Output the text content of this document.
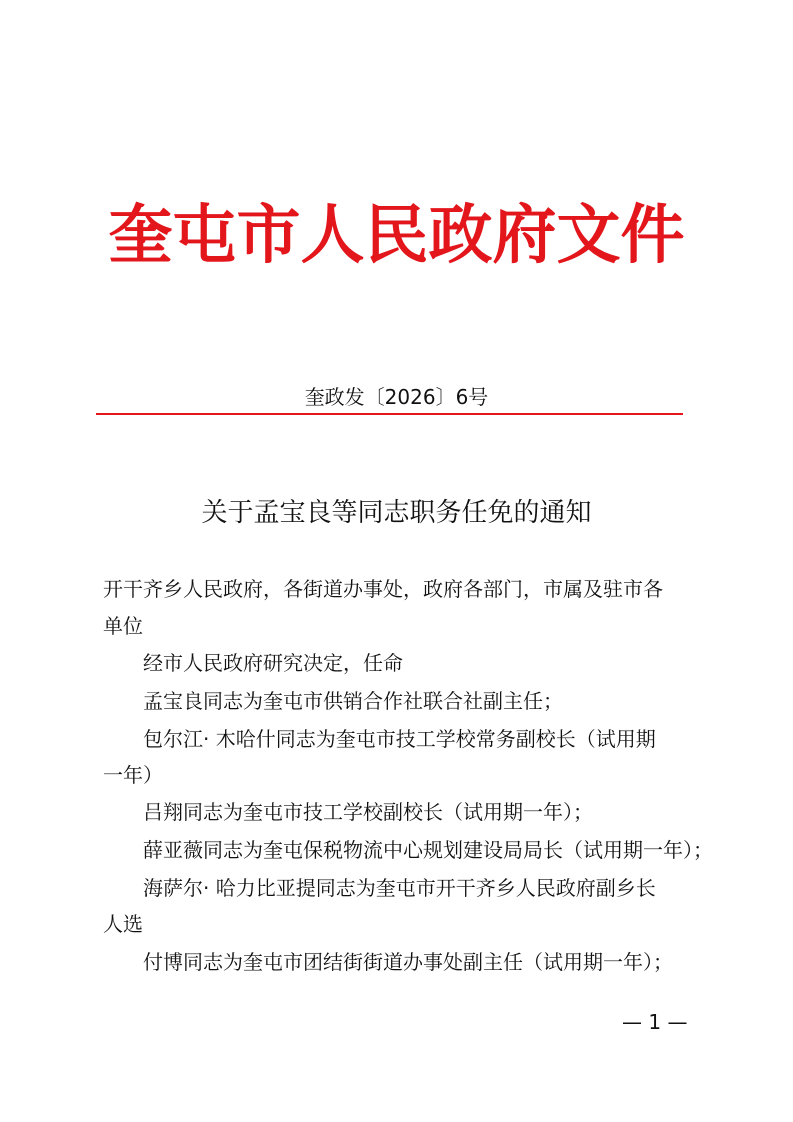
奎屯市人民政府文件
奎政发〔2026〕6号
关于孟宝良等同志职务任免的通知
开干齐乡人民政府，各街道办事处，政府各部门，市属及驻市各
单位
经市人民政府研究决定，任命
孟宝良同志为奎屯市供销合作社联合社副主任；
包尔江· 木哈什同志为奎屯市技工学校常务副校长（试用期
一年）
吕翔同志为奎屯市技工学校副校长（试用期一年）；
薛亚薇同志为奎屯保税物流中心规划建设局局长（试用期一年）；
海萨尔· 哈力比亚提同志为奎屯市开干齐乡人民政府副乡长
人选
付博同志为奎屯市团结街街道办事处副主任（试用期一年）；
— 1 —
